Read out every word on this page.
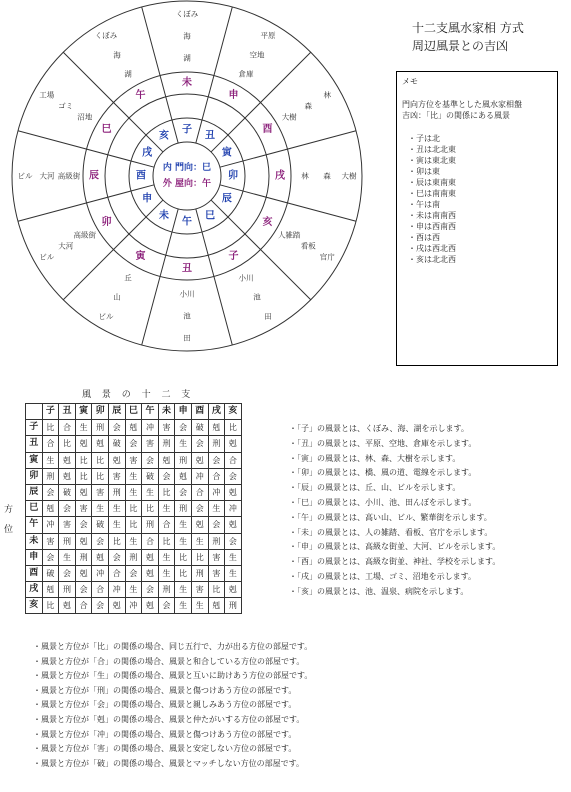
内 門向：巳
外 屋向：午
午
丑
小川
池
田
未
寅
丘
山
ビル
申
卯
高級街
大河
ビル
酉
辰
高級街
大河
ビル
戌
巳
沼地
ゴミ
工場
亥
午
湖
海
くぼみ
子
未
湖
海
くぼみ
丑
申
倉庫
空地
平原
寅
酉
大樹
森
林
卯	戌 林 森 大樹
辰
亥
人雑踏
看板
官庁
巳
子
小川
池
田
十二支風水家相 方式
周辺風景との吉凶
メモ
門向方位を基準とした風水家相盤
吉凶：「比」の関係にある風景
・子は北
・丑は北北東
・寅は東北東
・卯は東
・辰は東南東
・巳は南南東
・午は南
・未は南南西
・申は西南西
・酉は西
・戌は西北西
・亥は北北西
風 景 の 十 二 支
方
位
	子	丑	寅	卯	辰	巳	午	未	申	酉	戌	亥
子	比	合	生	刑	会	剋	冲	害	会	破	剋	比
丑	合	比	剋	剋	破	会	害	刑	生	会	刑	剋
寅	生	剋	比	比	剋	害	会	剋	刑	剋	会	合
卯	刑	剋	比	比	害	生	破	会	剋	冲	合	会
辰	会	破	剋	害	刑	生	生	比	会	合	冲	剋
巳	剋	会	害	生	生	比	比	生	刑	会	生	冲
午	冲	害	会	破	生	比	刑	合	生	剋	会	剋
未	害	刑	剋	会	比	生	合	比	生	生	刑	会
申	会	生	刑	剋	会	刑	剋	生	比	比	害	生
酉	破	会	剋	冲	合	会	剋	生	比	刑	害	生
戌	剋	刑	会	合	冲	生	会	刑	生	害	比	剋
亥	比	剋	合	会	剋	冲	剋	会	生	生	剋	刑
・「子」の風景とは、くぼみ、海、湖を示します。
・「丑」の風景とは、平原、空地、倉庫を示します。
・「寅」の風景とは、林、森、大樹を示します。
・「卯」の風景とは、橋、風の道、電線を示します。
・「辰」の風景とは、丘、山、ビルを示します。
・「巳」の風景とは、小川、池、田んぼを示します。
・「午」の風景とは、高い山、ビル、繁華街を示します。
・「未」の風景とは、人の雑踏、看板、官庁を示します。
・「申」の風景とは、高級な街並、大河、ビルを示します。
・「酉」の風景とは、高級な街並、神社、学校を示します。
・「戌」の風景とは、工場、ゴミ、沼地を示します。
・「亥」の風景とは、池、温泉、病院を示します。
・風景と方位が「比」の関係の場合、同じ五行で、力が出る方位の部屋です。
・風景と方位が「合」の関係の場合、風景と和合している方位の部屋です。
・風景と方位が「生」の関係の場合、風景と互いに助けあう方位の部屋です。
・風景と方位が「刑」の関係の場合、風景と傷つけあう方位の部屋です。
・風景と方位が「会」の関係の場合、風景と親しみあう方位の部屋です。
・風景と方位が「剋」の関係の場合、風景と仲たがいする方位の部屋です。
・風景と方位が「冲」の関係の場合、風景と傷つけあう方位の部屋です。
・風景と方位が「害」の関係の場合、風景と安定しない方位の部屋です。
・風景と方位が「破」の関係の場合、風景とマッチしない方位の部屋です。
